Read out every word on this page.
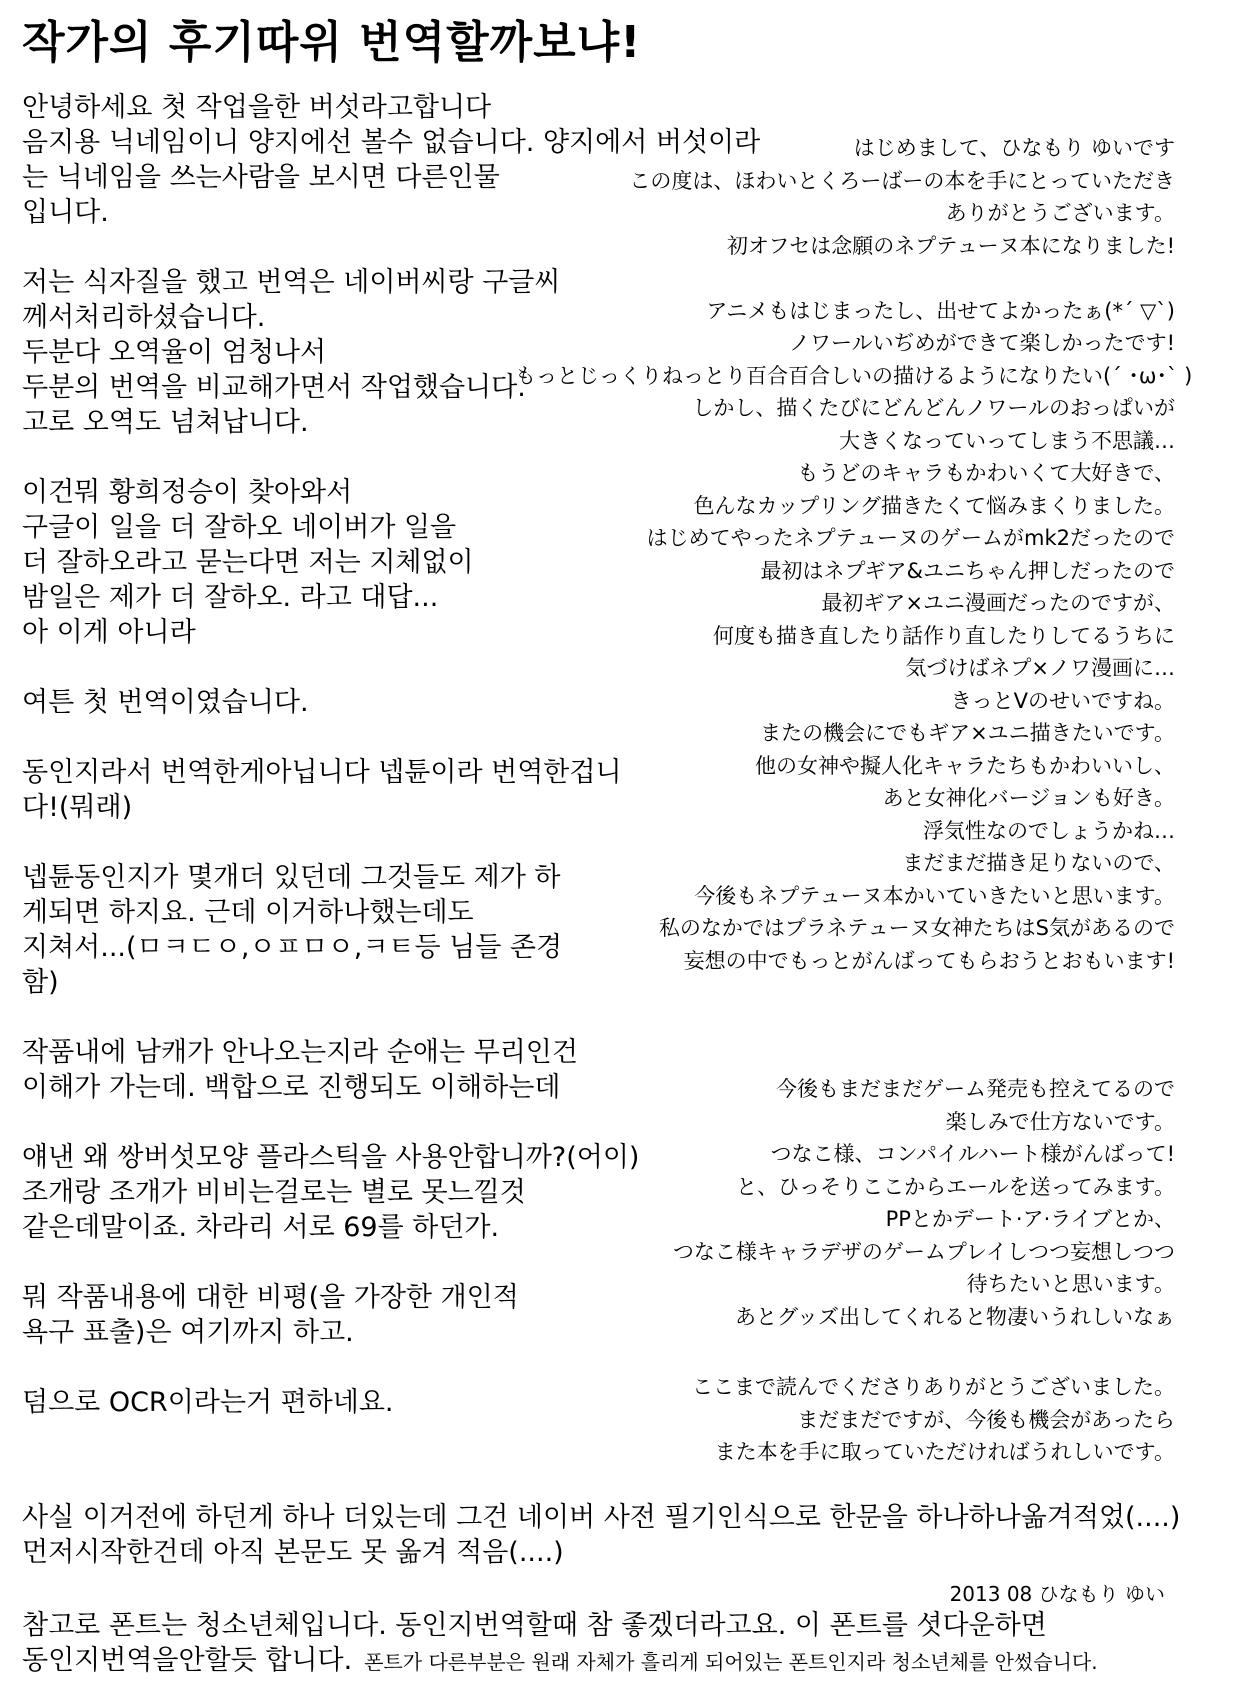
작가의 후기따위 번역할까보냐!

안녕하세요 첫 작업을한 버섯라고합니다

음지용 닉네임이니 양지에선 볼수 없습니다. 양지에서 버섯이라

는 닉네임을 쓰는사람을 보시면 다른인물

입니다.

저는 식자질을 했고 번역은 네이버씨랑 구글씨

께서처리하셨습니다.

두분다 오역율이 엄청나서

두분의 번역을 비교해가면서 작업했습니다.

고로 오역도 넘쳐납니다.

이건뭐 황희정승이 찾아와서

구글이 일을 더 잘하오 네이버가 일을

더 잘하오라고 묻는다면 저는 지체없이

밤일은 제가 더 잘하오. 라고 대답...

아 이게 아니라

여튼 첫 번역이였습니다.

동인지라서 번역한게아닙니다 넵튠이라 번역한겁니

다!(뭐래)

넵튠동인지가 몇개더 있던데 그것들도 제가 하

게되면 하지요. 근데 이거하나했는데도

지쳐서...(ㅁㅋㄷㅇ,ㅇㅍㅁㅇ,ㅋㅌ등 님들 존경

함)

작품내에 남캐가 안나오는지라 순애는 무리인건

이해가 가는데. 백합으로 진행되도 이해하는데

얘낸 왜 쌍버섯모양 플라스틱을 사용안합니까?(어이)

조개랑 조개가 비비는걸로는 별로 못느낄것

같은데말이죠. 차라리 서로 69를 하던가.

뭐 작품내용에 대한 비평(을 가장한 개인적

욕구 표출)은 여기까지 하고.

덤으로 OCR이라는거 편하네요.

はじめまして、ひなもり ゆいです

この度は、ほわいとくろーばーの本を手にとっていただき

ありがとうございます。

初オフセは念願のネプテューヌ本になりました!

アニメもはじまったし、出せてよかったぁ(*´ ▽`)

ノワールいぢめができて楽しかったです!

もっとじっくりねっとり百合百合しいの描けるようになりたい(´ ･ω･` )

しかし、描くたびにどんどんノワールのおっぱいが

大きくなっていってしまう不思議…

もうどのキャラもかわいくて大好きで、

色んなカップリング描きたくて悩みまくりました。

はじめてやったネプテューヌのゲームがmk2だったので

最初はネプギア&ユニちゃん押しだったので

最初ギア×ユニ漫画だったのですが、

何度も描き直したり話作り直したりしてるうちに

気づけばネプ×ノワ漫画に…

きっとVのせいですね。

またの機会にでもギア×ユニ描きたいです。

他の女神や擬人化キャラたちもかわいいし、

あと女神化バージョンも好き。

浮気性なのでしょうかね…

まだまだ描き足りないので、

今後もネプテューヌ本かいていきたいと思います。

私のなかではプラネテューヌ女神たちはS気があるので

妄想の中でもっとがんばってもらおうとおもいます!

今後もまだまだゲーム発売も控えてるので

楽しみで仕方ないです。

つなこ様、コンパイルハート様がんばって!

と、ひっそりここからエールを送ってみます。

PPとかデート·ア·ライブとか、

つなこ様キャラデザのゲームプレイしつつ妄想しつつ

待ちたいと思います。

あとグッズ出してくれると物凄いうれしいなぁ

ここまで読んでくださりありがとうございました。

まだまだですが、今後も機会があったら

また本を手に取っていただければうれしいです。

2013 08 ひなもり ゆい

사실 이거전에 하던게 하나 더있는데 그건 네이버 사전 필기인식으로 한문을 하나하나옮겨적었(....)

먼저시작한건데 아직 본문도 못 옮겨 적음(....)

참고로 폰트는 청소년체입니다. 동인지번역할때 참 좋겠더라고요. 이 폰트를 셧다운하면

동인지번역을안할듯 합니다. 폰트가 다른부분은 원래 자체가 흘리게 되어있는 폰트인지라 청소년체를 안썼습니다.
